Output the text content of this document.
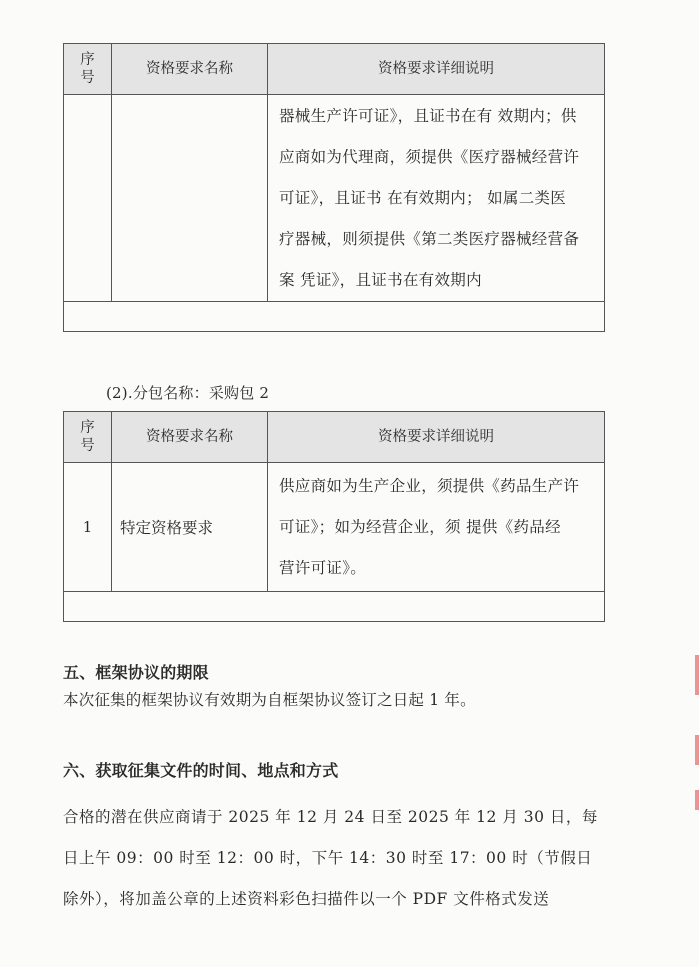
序号	资格要求名称	资格要求详细说明

		器械生产许可证》，且证书在有 效期内；供
应商如为代理商，须提供《医疗器械经营许
可证》，且证书 在有效期内； 如属二类医
疗器械，则须提供《第二类医疗器械经营备
案 凭证》，且证书在有效期内

(2).分包名称：采购包 2
序号	资格要求名称	资格要求详细说明
1	特定资格要求	供应商如为生产企业，须提供《药品生产许
可证》；如为经营企业，须 提供《药品经
营许可证》。

五、框架协议的期限
本次征集的框架协议有效期为自框架协议签订之日起 1 年。
六、获取征集文件的时间、地点和方式
合格的潜在供应商请于 2025 年 12 月 24 日至 2025 年 12 月 30 日，每
日上午 09：00 时至 12：00 时，下午 14：30 时至 17：00 时（节假日
除外），将加盖公章的上述资料彩色扫描件以一个 PDF 文件格式发送
